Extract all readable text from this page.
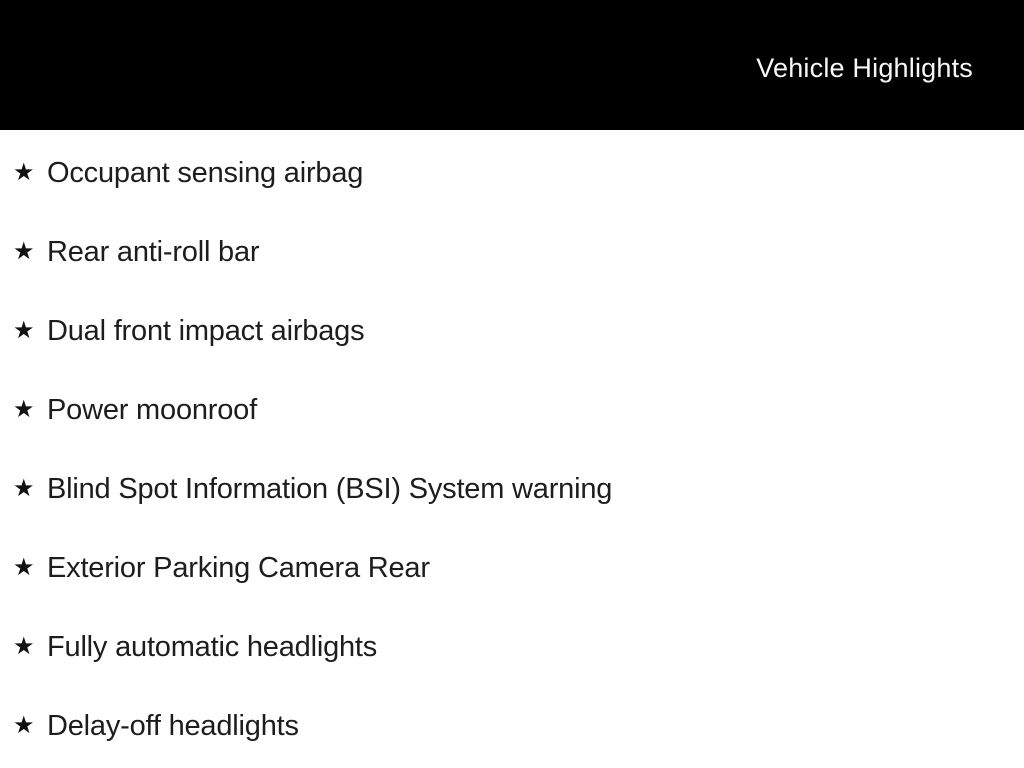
Vehicle Highlights
★ Occupant sensing airbag
★ Rear anti-roll bar
★ Dual front impact airbags
★ Power moonroof
★ Blind Spot Information (BSI) System warning
★ Exterior Parking Camera Rear
★ Fully automatic headlights
★ Delay-off headlights
